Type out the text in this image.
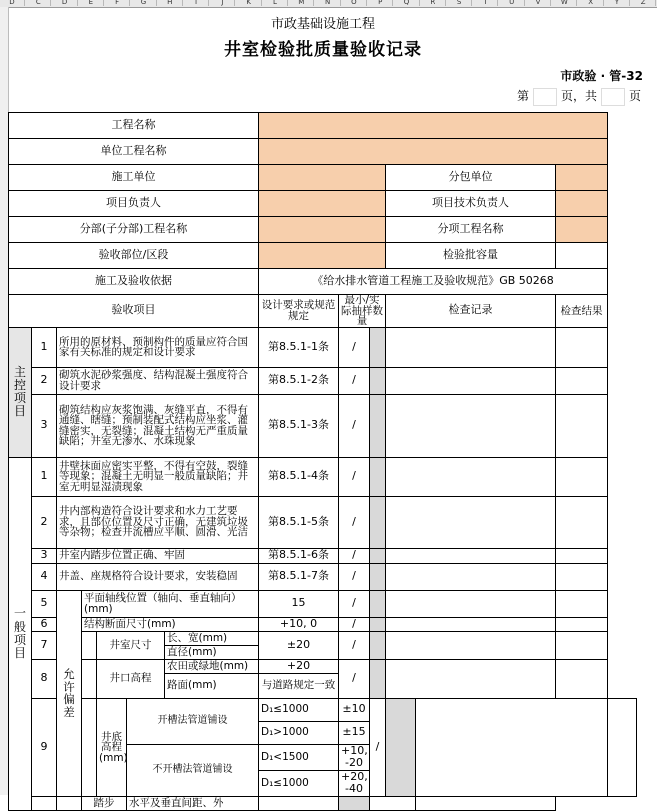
D	C	D	E	F	G	H	I	J	K	L	M	N	O	P	Q	R	S	T	U	V	W	X	Y	Z
市政基础设施工程
井室检验批质量验收记录
市政验 · 管-32
第	页，共	页
工程名称													
单位工程名称													
施工单位										分包单位			
项目负责人										项目技术负责人			
分部(子分部)工程名称										分项工程名称			
验收部位/区段										检验批容量			
施工及验收依据							《给水排水管道工程施工及验收规范》GB 50268						
验收项目							设计要求或规范规定	最小/实际抽样数量		检查记录		检查结果	
主控项目	1	所用的原材料、预制构件的质量应符合国家有关标准的规定和设计要求					第8.5.1-1条	/					
	2	砌筑水泥砂浆强度、结构混凝土强度符合设计要求					第8.5.1-2条	/					
	3	砌筑结构应灰浆饱满、灰缝平直，不得有通缝、瞎缝；预制装配式结构应坐浆、灌缝密实，无裂缝；混凝土结构无严重质量缺陷；井室无渗水、水珠现象					第8.5.1-3条	/					
一般项目	1	井壁抹面应密实平整，不得有空鼓，裂缝等现象；混凝土无明显一般质量缺陷；井室无明显湿渍现象					第8.5.1-4条	/					
	2	井内部构造符合设计要求和水力工艺要求，且部位位置及尺寸正确，无建筑垃圾等杂物；检查井流槽应平顺、圆滑、光洁					第8.5.1-5条	/					
	3	井室内踏步位置正确、牢固					第8.5.1-6条	/					
	4	井盖、座规格符合设计要求，安装稳固					第8.5.1-7条	/					
	5	允许偏差	平面轴线位置（轴向、垂直轴向）(mm)				15	/					
	6		结构断面尺寸(mm)				+10, 0	/					
	7			井室尺寸		长、宽(mm)	±20	/					
						直径(mm)							
	8			井口高程		农田或绿地(mm)	+20	/					
						路面(mm)	与道路规定一致						
	9			井底高程(mm)	开槽法管道铺设		D₁≤1000	±10	/				
							D₁>1000	±15					
					不开槽法管道铺设		D₁<1500	+10, -20					
							D₁≤1000	+20, -40					
			踏步		水平及垂直间距、外								
